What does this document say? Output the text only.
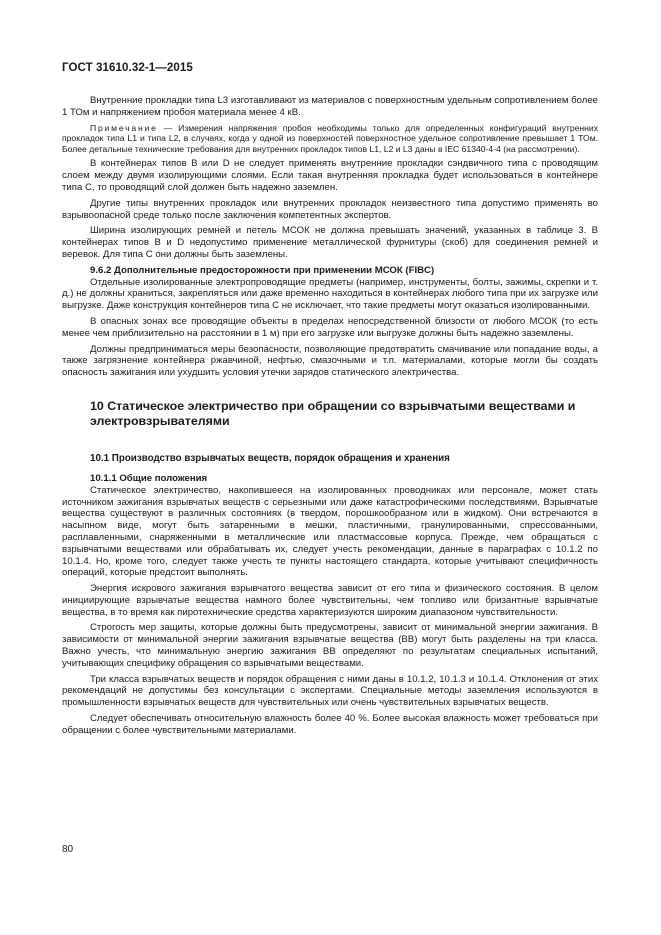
ГОСТ 31610.32-1—2015

Внутренние прокладки типа L3 изготавливают из материалов с поверхностным удельным сопротивлением более 1 ТОм и напряжением пробоя материала менее 4 кВ.

Примечание — Измерения напряжения пробоя необходимы только для определенных конфигураций внутренних прокладок типа L1 и типа L2, в случаях, когда у одной из поверхностей поверхностное удельное сопротивление превышает 1 ТОм. Более детальные технические требования для внутренних прокладок типов L1, L2 и L3 даны в IEC 61340-4-4 (на рассмотрении).

В контейнерах типов B или D не следует применять внутренние прокладки сэндвичного типа с проводящим слоем между двумя изолирующими слоями. Если такая внутренняя прокладка будет использоваться в контейнере типа C, то проводящий слой должен быть надежно заземлен.

Другие типы внутренних прокладок или внутренних прокладок неизвестного типа допустимо применять во взрывоопасной среде только после заключения компетентных экспертов.

Ширина изолирующих ремней и петель МСОК не должна превышать значений, указанных в таблице 3. В контейнерах типов B и D недопустимо применение металлической фурнитуры (скоб) для соединения ремней и веревок. Для типа C они должны быть заземлены.

9.6.2 Дополнительные предосторожности при применении МСОК (FIBC)

Отдельные изолированные электропроводящие предметы (например, инструменты, болты, зажимы, скрепки и т. д.) не должны храниться, закрепляться или даже временно находиться в контейнерах любого типа при их загрузке или выгрузке. Даже конструкция контейнеров типа C не исключает, что такие предметы могут оказаться изолированными.

В опасных зонах все проводящие объекты в пределах непосредственной близости от любого МСОК (то есть менее чем приблизительно на расстоянии в 1 м) при его загрузке или выгрузке должны быть надежно заземлены.

Должны предприниматься меры безопасности, позволяющие предотвратить смачивание или попадание воды, а также загрязнение контейнера ржавчиной, нефтью, смазочными и т.п. материалами, которые могли бы создать опасность зажигания или ухудшить условия утечки зарядов статического электричества.

10 Статическое электричество при обращении со взрывчатыми веществами и электровзрывателями
10.1 Производство взрывчатых веществ, порядок обращения и хранения

10.1.1 Общие положения

Статическое электричество, накопившееся на изолированных проводниках или персонале, может стать источником зажигания взрывчатых веществ с серьезными или даже катастрофическими последствиями. Взрывчатые вещества существуют в различных состояниях (в твердом, порошкообразном или в жидком). Они встречаются в насыпном виде, могут быть затаренными в мешки, пластичными, гранулированными, спрессованными, расплавленными, снаряженными в металлические или пластмассовые корпуса. Прежде, чем обращаться с взрывчатыми веществами или обрабатывать их, следует учесть рекомендации, данные в параграфах с 10.1.2 по 10.1.4. Но, кроме того, следует также учесть те пункты настоящего стандарта, которые учитывают специфичность операций, которые предстоит выполнять.

Энергия искрового зажигания взрывчатого вещества зависит от его типа и физического состояния. В целом инициирующие взрывчатые вещества намного более чувствительны, чем топливо или бризантные взрывчатые вещества, в то время как пиротехнические средства характеризуются широким диапазоном чувствительности.

Строгость мер защиты, которые должны быть предусмотрены, зависит от минимальной энергии зажигания. В зависимости от минимальной энергии зажигания взрывчатые вещества (ВВ) могут быть разделены на три класса. Важно учесть, что минимальную энергию зажигания ВВ определяют по результатам специальных испытаний, учитывающих специфику обращения со взрывчатыми веществами.

Три класса взрывчатых веществ и порядок обращения с ними даны в 10.1.2, 10.1.3 и 10.1.4. Отклонения от этих рекомендаций не допустимы без консультации с экспертами. Специальные методы заземления используются в промышленности взрывчатых веществ для чувствительных или очень чувствительных взрывчатых веществ.

Следует обеспечивать относительную влажность более 40 %. Более высокая влажность может требоваться при обращении с более чувствительными материалами.

80
